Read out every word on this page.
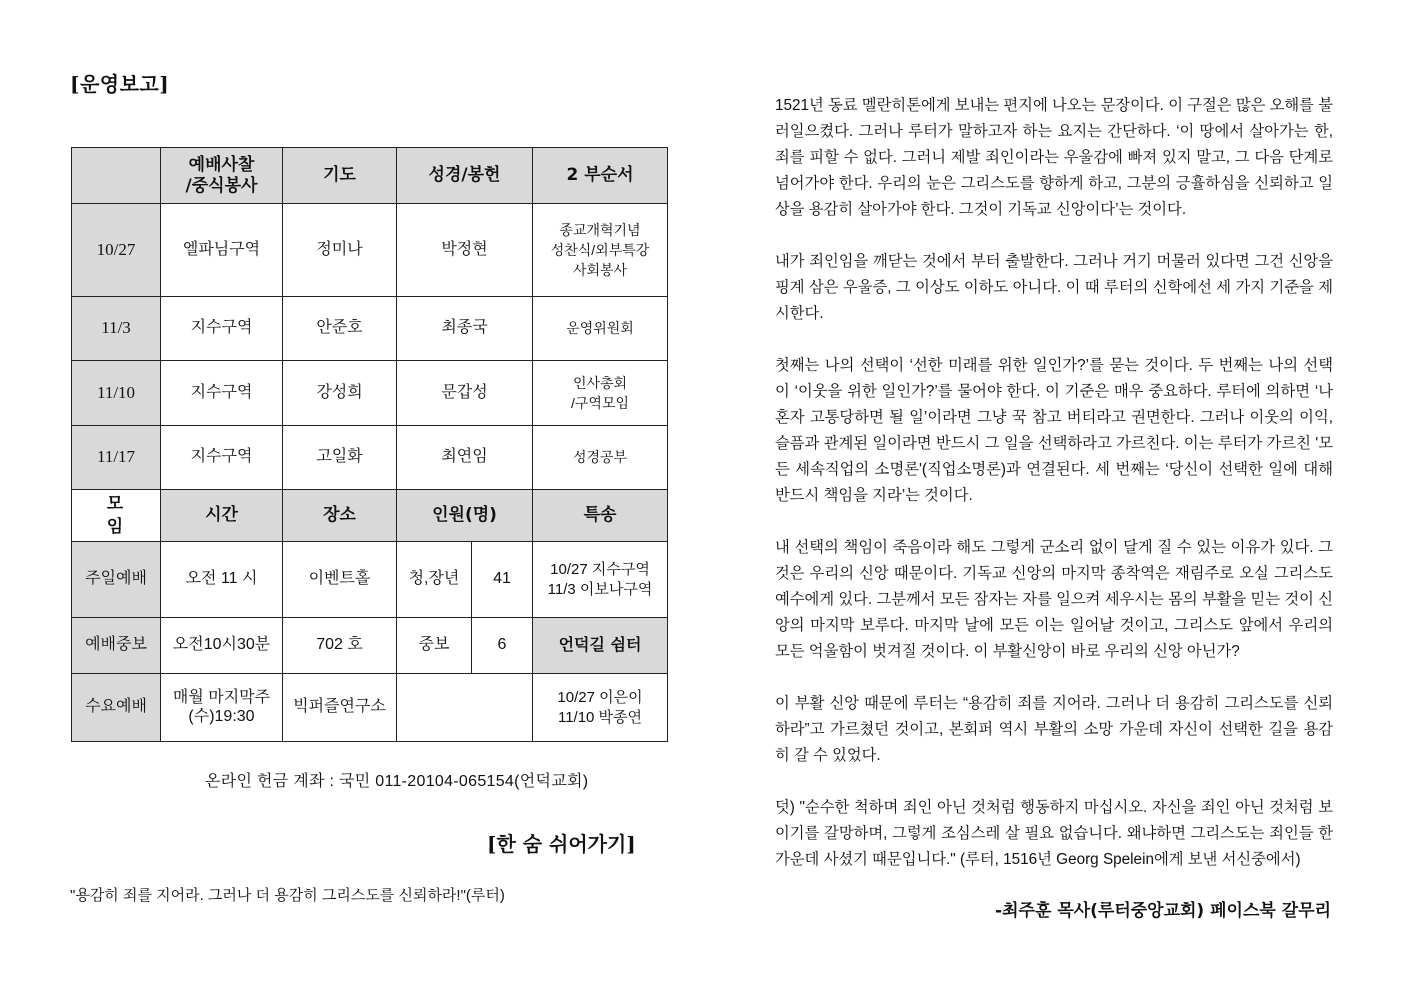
[운영보고]
	예배사찰
/중식봉사	기도	성경/봉헌		2 부순서
10/27	엘파님구역	정미나	박정현		종교개혁기념
성찬식/외부특강
사회봉사
11/3	지수구역	안준호	최종국		운영위원회
11/10	지수구역	강성희	문갑성		인사총회
/구역모임
11/17	지수구역	고일화	최연임		성경공부
모 임	시간	장소	인원(명)		특송
주일예배	오전 11 시	이벤트홀	청,장년	41	10/27 지수구역
11/3 이보나구역
예배중보	오전10시30분	702 호	중보	6	언덕길 쉼터
수요예배	매월 마지막주
(수)19:30	빅퍼즐연구소			10/27 이은이
11/10 박종연
온라인 헌금 계좌 : 국민 011-20104-065154(언덕교회)
[한 숨 쉬어가기]
"용감히 죄를 지어라. 그러나 더 용감히 그리스도를 신뢰하라!"(루터)

1521년 동료 멜란히톤에게 보내는 편지에 나오는 문장이다. 이 구절은 많은 오해를 불러일으켰다. 그러나 루터가 말하고자 하는 요지는 간단하다. ‘이 땅에서 살아가는 한, 죄를 피할 수 없다. 그러니 제발 죄인이라는 우울감에 빠져 있지 말고, 그 다음 단계로 넘어가야 한다. 우리의 눈은 그리스도를 향하게 하고, 그분의 긍휼하심을 신뢰하고 일상을 용감히 살아가야 한다. 그것이 기독교 신앙이다’는 것이다.

내가 죄인임을 깨닫는 것에서 부터 출발한다. 그러나 거기 머물러 있다면 그건 신앙을 핑계 삼은 우울증, 그 이상도 이하도 아니다. 이 때 루터의 신학에선 세 가지 기준을 제시한다.

첫째는 나의 선택이 ‘선한 미래를 위한 일인가?’를 묻는 것이다. 두 번째는 나의 선택이 ‘이웃을 위한 일인가?’를 물어야 한다. 이 기준은 매우 중요하다. 루터에 의하면 ‘나 혼자 고통당하면 될 일’이라면 그냥 꾹 참고 버티라고 권면한다. 그러나 이웃의 이익, 슬픔과 관계된 일이라면 반드시 그 일을 선택하라고 가르친다. 이는 루터가 가르친 '모든 세속직업의 소명론'(직업소명론)과 연결된다. 세 번째는 ‘당신이 선택한 일에 대해 반드시 책임을 지라’는 것이다.

내 선택의 책임이 죽음이라 해도 그렇게 군소리 없이 달게 질 수 있는 이유가 있다. 그것은 우리의 신앙 때문이다. 기독교 신앙의 마지막 종착역은 재림주로 오실 그리스도 예수에게 있다. 그분께서 모든 잠자는 자를 일으켜 세우시는 몸의 부활을 믿는 것이 신앙의 마지막 보루다. 마지막 날에 모든 이는 일어날 것이고, 그리스도 앞에서 우리의 모든 억울함이 벗겨질 것이다. 이 부활신앙이 바로 우리의 신앙 아닌가?

이 부활 신앙 때문에 루터는 “용감히 죄를 지어라. 그러나 더 용감히 그리스도를 신뢰하라”고 가르쳤던 것이고, 본회퍼 역시 부활의 소망 가운데 자신이 선택한 길을 용감히 갈 수 있었다.

덧) "순수한 척하며 죄인 아닌 것처럼 행동하지 마십시오. 자신을 죄인 아닌 것처럼 보이기를 갈망하며, 그렇게 조심스레 살 필요 없습니다. 왜냐하면 그리스도는 죄인들 한 가운데 사셨기 때문입니다." (루터, 1516년 Georg Spelein에게 보낸 서신중에서)

-최주훈 목사(루터중앙교회) 페이스북 갈무리
